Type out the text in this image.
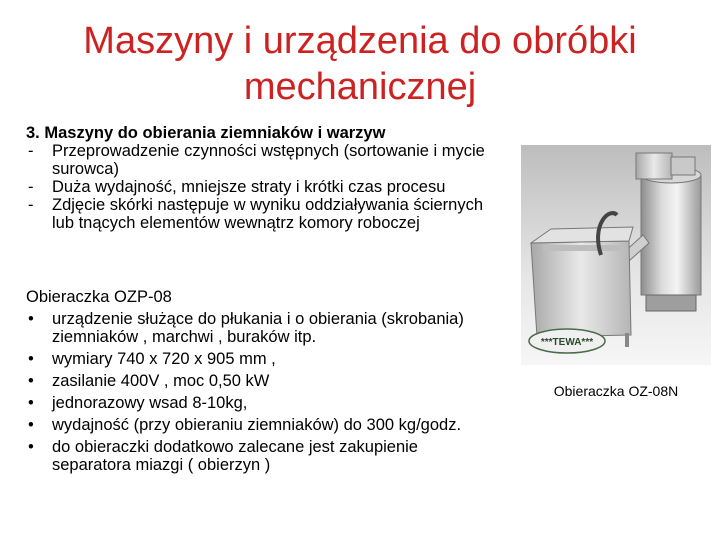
Maszyny i urządzenia do obróbki
mechanicznej
3. Maszyny do obierania ziemniaków i warzyw
- Przeprowadzenie czynności wstępnych (sortowanie i mycie surowca)
- Duża wydajność, mniejsze straty i krótki czas procesu
- Zdjęcie skórki następuje w wyniku oddziaływania ściernych lub tnących elementów wewnątrz komory roboczej
Obieraczka OZP-08
• urządzenie służące do płukania i o obierania (skrobania) ziemniaków , marchwi , buraków itp.
• wymiary 740 x 720 x 905 mm ,
• zasilanie 400V , moc 0,50 kW
• jednorazowy wsad 8-10kg,
• wydajność (przy obieraniu ziemniaków) do 300 kg/godz.
• do obieraczki dodatkowo zalecane jest zakupienie separatora miazgi ( obierzyn )
***TEWA***
Obieraczka OZ-08N
